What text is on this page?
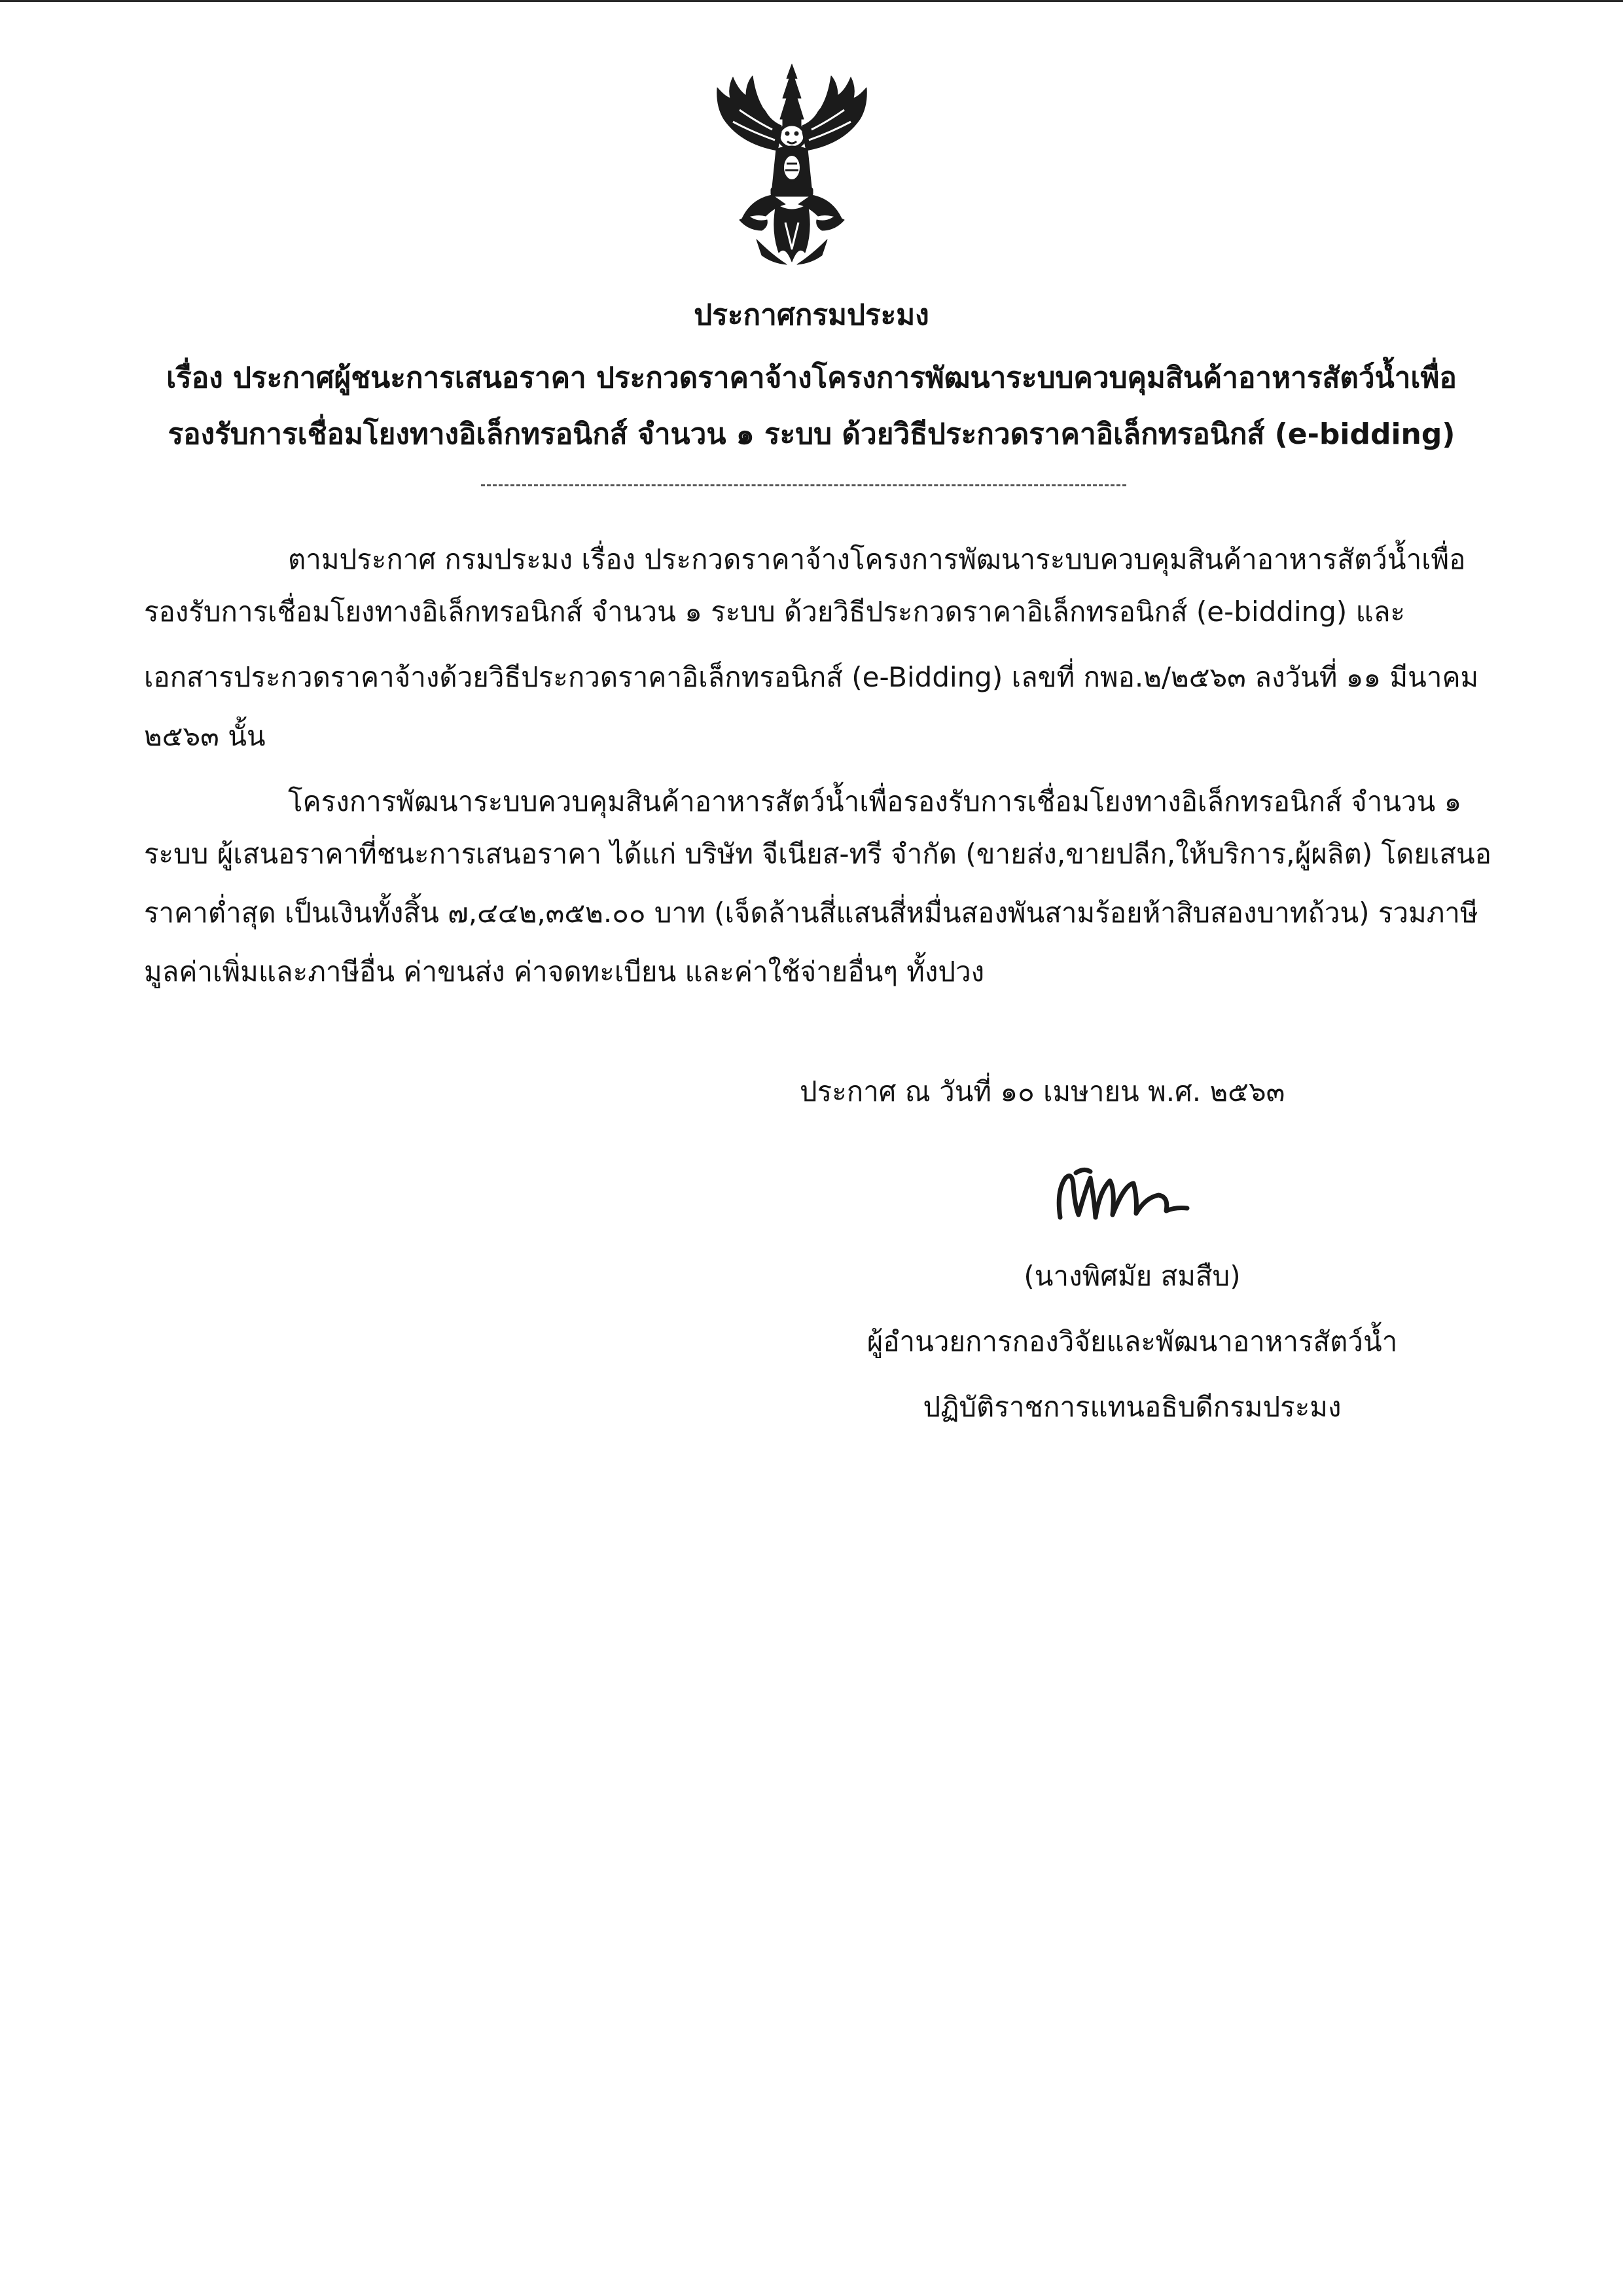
ประกาศกรมประมง
เรื่อง ประกาศผู้ชนะการเสนอราคา ประกวดราคาจ้างโครงการพัฒนาระบบควบคุมสินค้าอาหารสัตว์น้ำเพื่อ
รองรับการเชื่อมโยงทางอิเล็กทรอนิกส์ จำนวน ๑ ระบบ ด้วยวิธีประกวดราคาอิเล็กทรอนิกส์ (e-bidding)
ตามประกาศ กรมประมง เรื่อง ประกวดราคาจ้างโครงการพัฒนาระบบควบคุมสินค้าอาหารสัตว์น้ำเพื่อ
รองรับการเชื่อมโยงทางอิเล็กทรอนิกส์ จำนวน ๑ ระบบ ด้วยวิธีประกวดราคาอิเล็กทรอนิกส์ (e-bidding) และ
เอกสารประกวดราคาจ้างด้วยวิธีประกวดราคาอิเล็กทรอนิกส์ (e-Bidding) เลขที่ กพอ.๒/๒๕๖๓ ลงวันที่ ๑๑ มีนาคม
๒๕๖๓ นั้น
โครงการพัฒนาระบบควบคุมสินค้าอาหารสัตว์น้ำเพื่อรองรับการเชื่อมโยงทางอิเล็กทรอนิกส์ จำนวน ๑
ระบบ ผู้เสนอราคาที่ชนะการเสนอราคา ได้แก่ บริษัท จีเนียส-ทรี จำกัด (ขายส่ง,ขายปลีก,ให้บริการ,ผู้ผลิต) โดยเสนอ
ราคาต่ำสุด เป็นเงินทั้งสิ้น ๗,๔๔๒,๓๕๒.๐๐ บาท (เจ็ดล้านสี่แสนสี่หมื่นสองพันสามร้อยห้าสิบสองบาทถ้วน) รวมภาษี
มูลค่าเพิ่มและภาษีอื่น ค่าขนส่ง ค่าจดทะเบียน และค่าใช้จ่ายอื่นๆ ทั้งปวง
ประกาศ ณ วันที่ ๑๐ เมษายน พ.ศ. ๒๕๖๓
(นางพิศมัย สมสืบ)
ผู้อำนวยการกองวิจัยและพัฒนาอาหารสัตว์น้ำ
ปฏิบัติราชการแทนอธิบดีกรมประมง
